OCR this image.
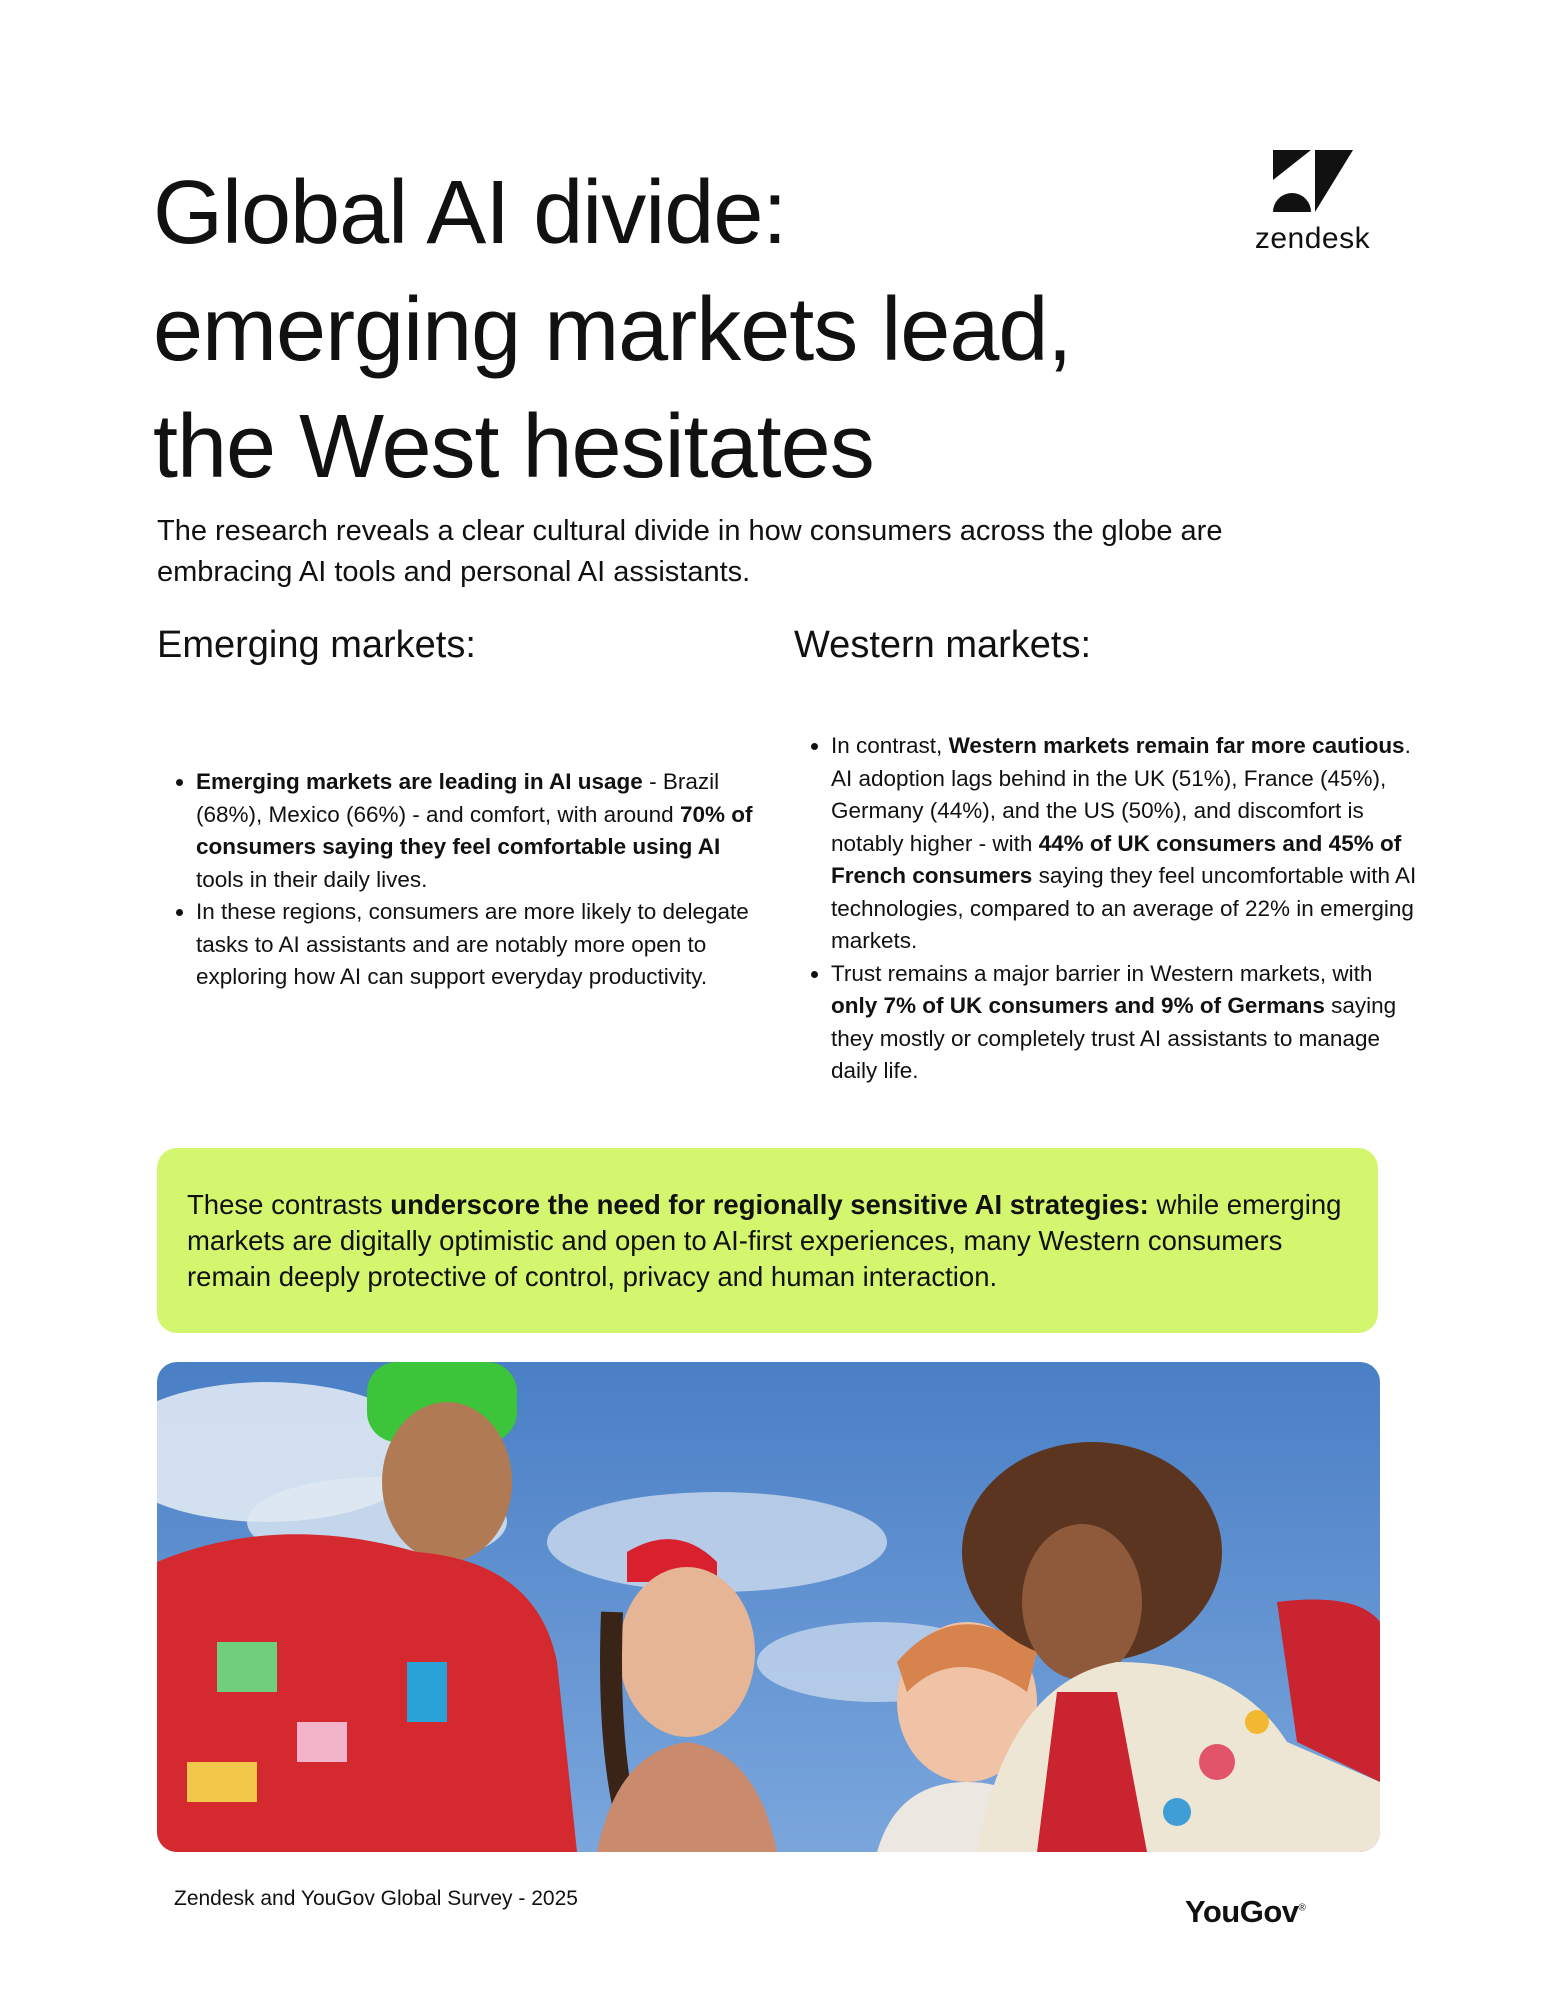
Global AI divide:
emerging markets lead,
the West hesitates
zendesk

The research reveals a clear cultural divide in how consumers across the globe are embracing AI tools and personal AI assistants.

Emerging markets:	Western markets:
• Emerging markets are leading in AI usage - Brazil (68%), Mexico (66%) - and comfort, with around 70% of consumers saying they feel comfortable using AI tools in their daily lives.
• In these regions, consumers are more likely to delegate tasks to AI assistants and are notably more open to exploring how AI can support everyday productivity.
• In contrast, Western markets remain far more cautious. AI adoption lags behind in the UK (51%), France (45%), Germany (44%), and the US (50%), and discomfort is notably higher - with 44% of UK consumers and 45% of French consumers saying they feel uncomfortable with AI technologies, compared to an average of 22% in emerging markets.
• Trust remains a major barrier in Western markets, with only 7% of UK consumers and 9% of Germans saying they mostly or completely trust AI assistants to manage daily life.
These contrasts underscore the need for regionally sensitive AI strategies: while emerging markets are digitally optimistic and open to AI-first experiences, many Western consumers remain deeply protective of control, privacy and human interaction.
Zendesk and YouGov Global Survey - 2025	YouGov®
